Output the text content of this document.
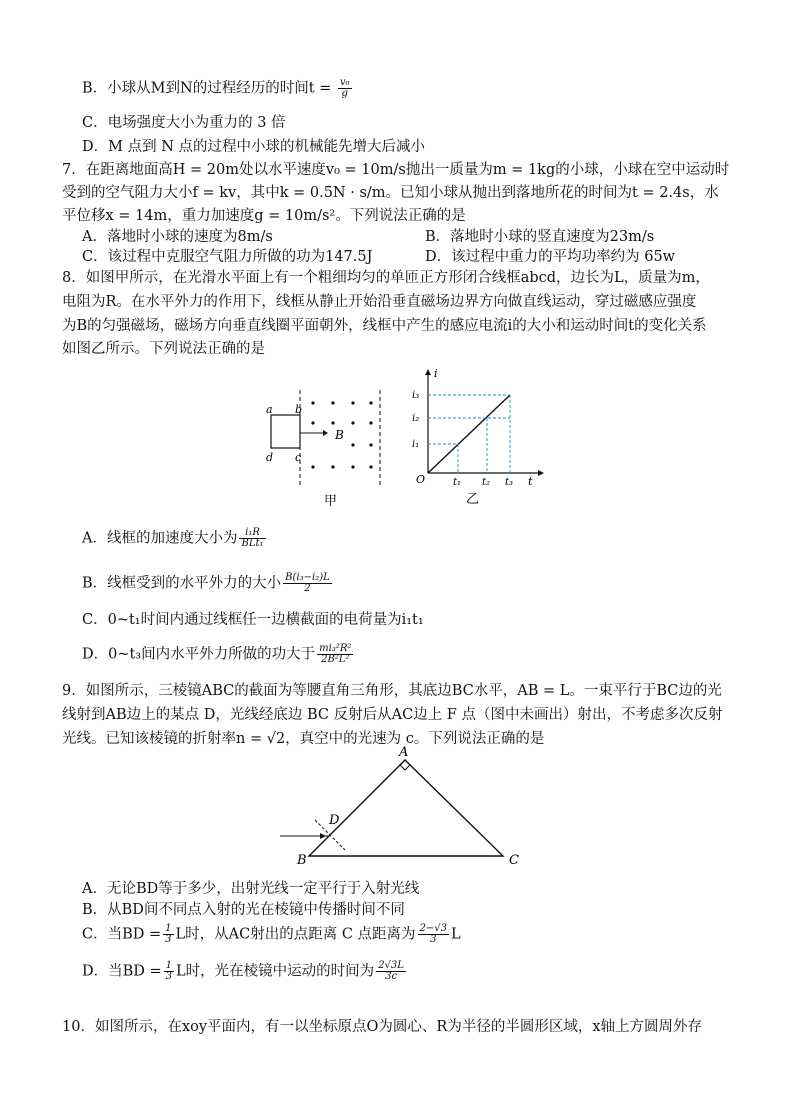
B．小球从M到N的过程经历的时间$t = \frac{\text{v₀}}{g}$
C．电场强度大小为重力的 3 倍
D．M 点到 N 点的过程中小球的机械能先增大后减小
7．在距离地面高H = 20m处以水平速度v₀ = 10m/s抛出一质量为m = 1kg的小球，小球在空中运动时
受到的空气阻力大小f = kv，其中k = 0.5N · s/m。已知小球从抛出到落地所花的时间为t = 2.4s，水
平位移x = 14m，重力加速度g = 10m/s²。下列说法正确的是
A．落地时小球的速度为8m/s	B．落地时小球的竖直速度为23m/s
C．该过程中克服空气阻力所做的功为147.5J	D．该过程中重力的平均功率约为 65w
8．如图甲所示，在光滑水平面上有一个粗细均匀的单匝正方形闭合线框abcd，边长为L，质量为m，
电阻为R。在水平外力的作用下，线框从静止开始沿垂直磁场边界方向做直线运动，穿过磁感应强度
为B的匀强磁场，磁场方向垂直线圈平面朝外，线框中产生的感应电流i的大小和运动时间t的变化关系
如图乙所示。下列说法正确的是
a b
d c
B
甲
i
i₃
i₂
i₁
O	t₁ t₂ t₃ t
乙
A．线框的加速度大小为 $\frac{\text{i₁R}}{\text{BLt₁}}$
B．线框受到的水平外力的大小 $\frac{\text{B(i₃−i₂)L}}{2}$
C．0~t₁时间内通过线框任一边横截面的电荷量为i₁t₁
D．0~t₃间内水平外力所做的功大于 $\frac{\text{mi₃²R²}}{\text{2B²L²}}$
9．如图所示，三棱镜ABC的截面为等腰直角三角形，其底边BC水平，AB = L。一束平行于BC边的光
线射到AB边上的某点 D，光线经底边 BC 反射后从AC边上 F 点（图中未画出）射出，不考虑多次反射
光线。已知该棱镜的折射率n = √2，真空中的光速为 c。下列说法正确的是
A
D
B	C
A．无论BD等于多少，出射光线一定平行于入射光线
B．从BD间不同点入射的光在棱镜中传播时间不同
C．当BD = $\frac{1}{3}$ L时，从AC射出的点距离 C 点距离为 $\frac{2-√3}{3}$ L
D．当BD = $\frac{1}{3}$ L时，光在棱镜中运动的时间为 $\frac{2√3L}{3c}$
10．如图所示，在xoy平面内，有一以坐标原点O为圆心、R为半径的半圆形区域，x轴上方圆周外存
